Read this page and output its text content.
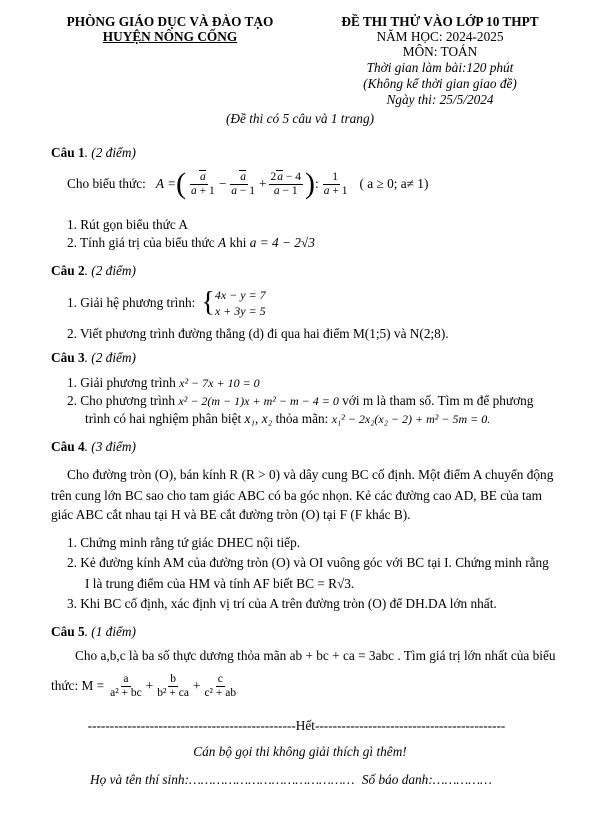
PHÒNG GIÁO DỤC VÀ ĐÀO TẠO
HUYỆN NÔNG CỐNG
ĐỀ THI THỬ VÀO LỚP 10 THPT
NĂM HỌC: 2024-2025
MÔN: TOÁN
Thời gian làm bài:120 phút
(Không kể thời gian giao đề)
Ngày thi: 25/5/2024
(Đề thi có 5 câu và 1 trang)
Câu 1. (2 điểm)
Cho biểu thức: A = ( $\frac{a}{a + 1} - \frac{a}{a - 1} + \frac{2a - 4}{a - 1}$ ) : $\frac{1}{a + 1}$ ( a ≥ 0; a≠ 1)
1. Rút gọn biểu thức A
2. Tính giá trị của biểu thức A khi a = 4 − 2√3
Câu 2. (2 điểm)
1. Giải hệ phương trình: { 4x − y = 7
x + 3y = 5
2. Viết phương trình đường thẳng (d) đi qua hai điểm M(1;5) và N(2;8).
Câu 3. (2 điểm)
1. Giải phương trình x² − 7x + 10 = 0
2. Cho phương trình x² − 2(m − 1)x + m² − m − 4 = 0 với m là tham số. Tìm m để phương
trình có hai nghiệm phân biệt x₁, x₂ thỏa mãn: x₁² − 2x₂(x₂ − 2) + m² − 5m = 0.
Câu 4. (3 điểm)
Cho đường tròn (O), bán kính R (R > 0) và dây cung BC cố định. Một điểm A chuyển động
trên cung lớn BC sao cho tam giác ABC có ba góc nhọn. Kẻ các đường cao AD, BE của tam
giác ABC cắt nhau tại H và BE cắt đường tròn (O) tại F (F khác B).
1. Chứng minh rằng tứ giác DHEC nội tiếp.
2. Kẻ đường kính AM của đường tròn (O) và OI vuông góc với BC tại I. Chứng minh rằng
I là trung điểm của HM và tính AF biết BC = R√3.
3. Khi BC cố định, xác định vị trí của A trên đường tròn (O) để DH.DA lớn nhất.
Câu 5. (1 điểm)
Cho a,b,c là ba số thực dương thỏa mãn ab + bc + ca = 3abc . Tìm giá trị lớn nhất của biểu
thức: $M = \frac{a}{\text{a² + bc}} + \frac{b}{\text{b² + ca}} + \frac{c}{\text{c² + ab}}$
-----------------------------------------------Hết-------------------------------------------
Cán bộ gọi thi không giải thích gì thêm!
Họ và tên thí sinh:…………………………………… Số báo danh:……………
